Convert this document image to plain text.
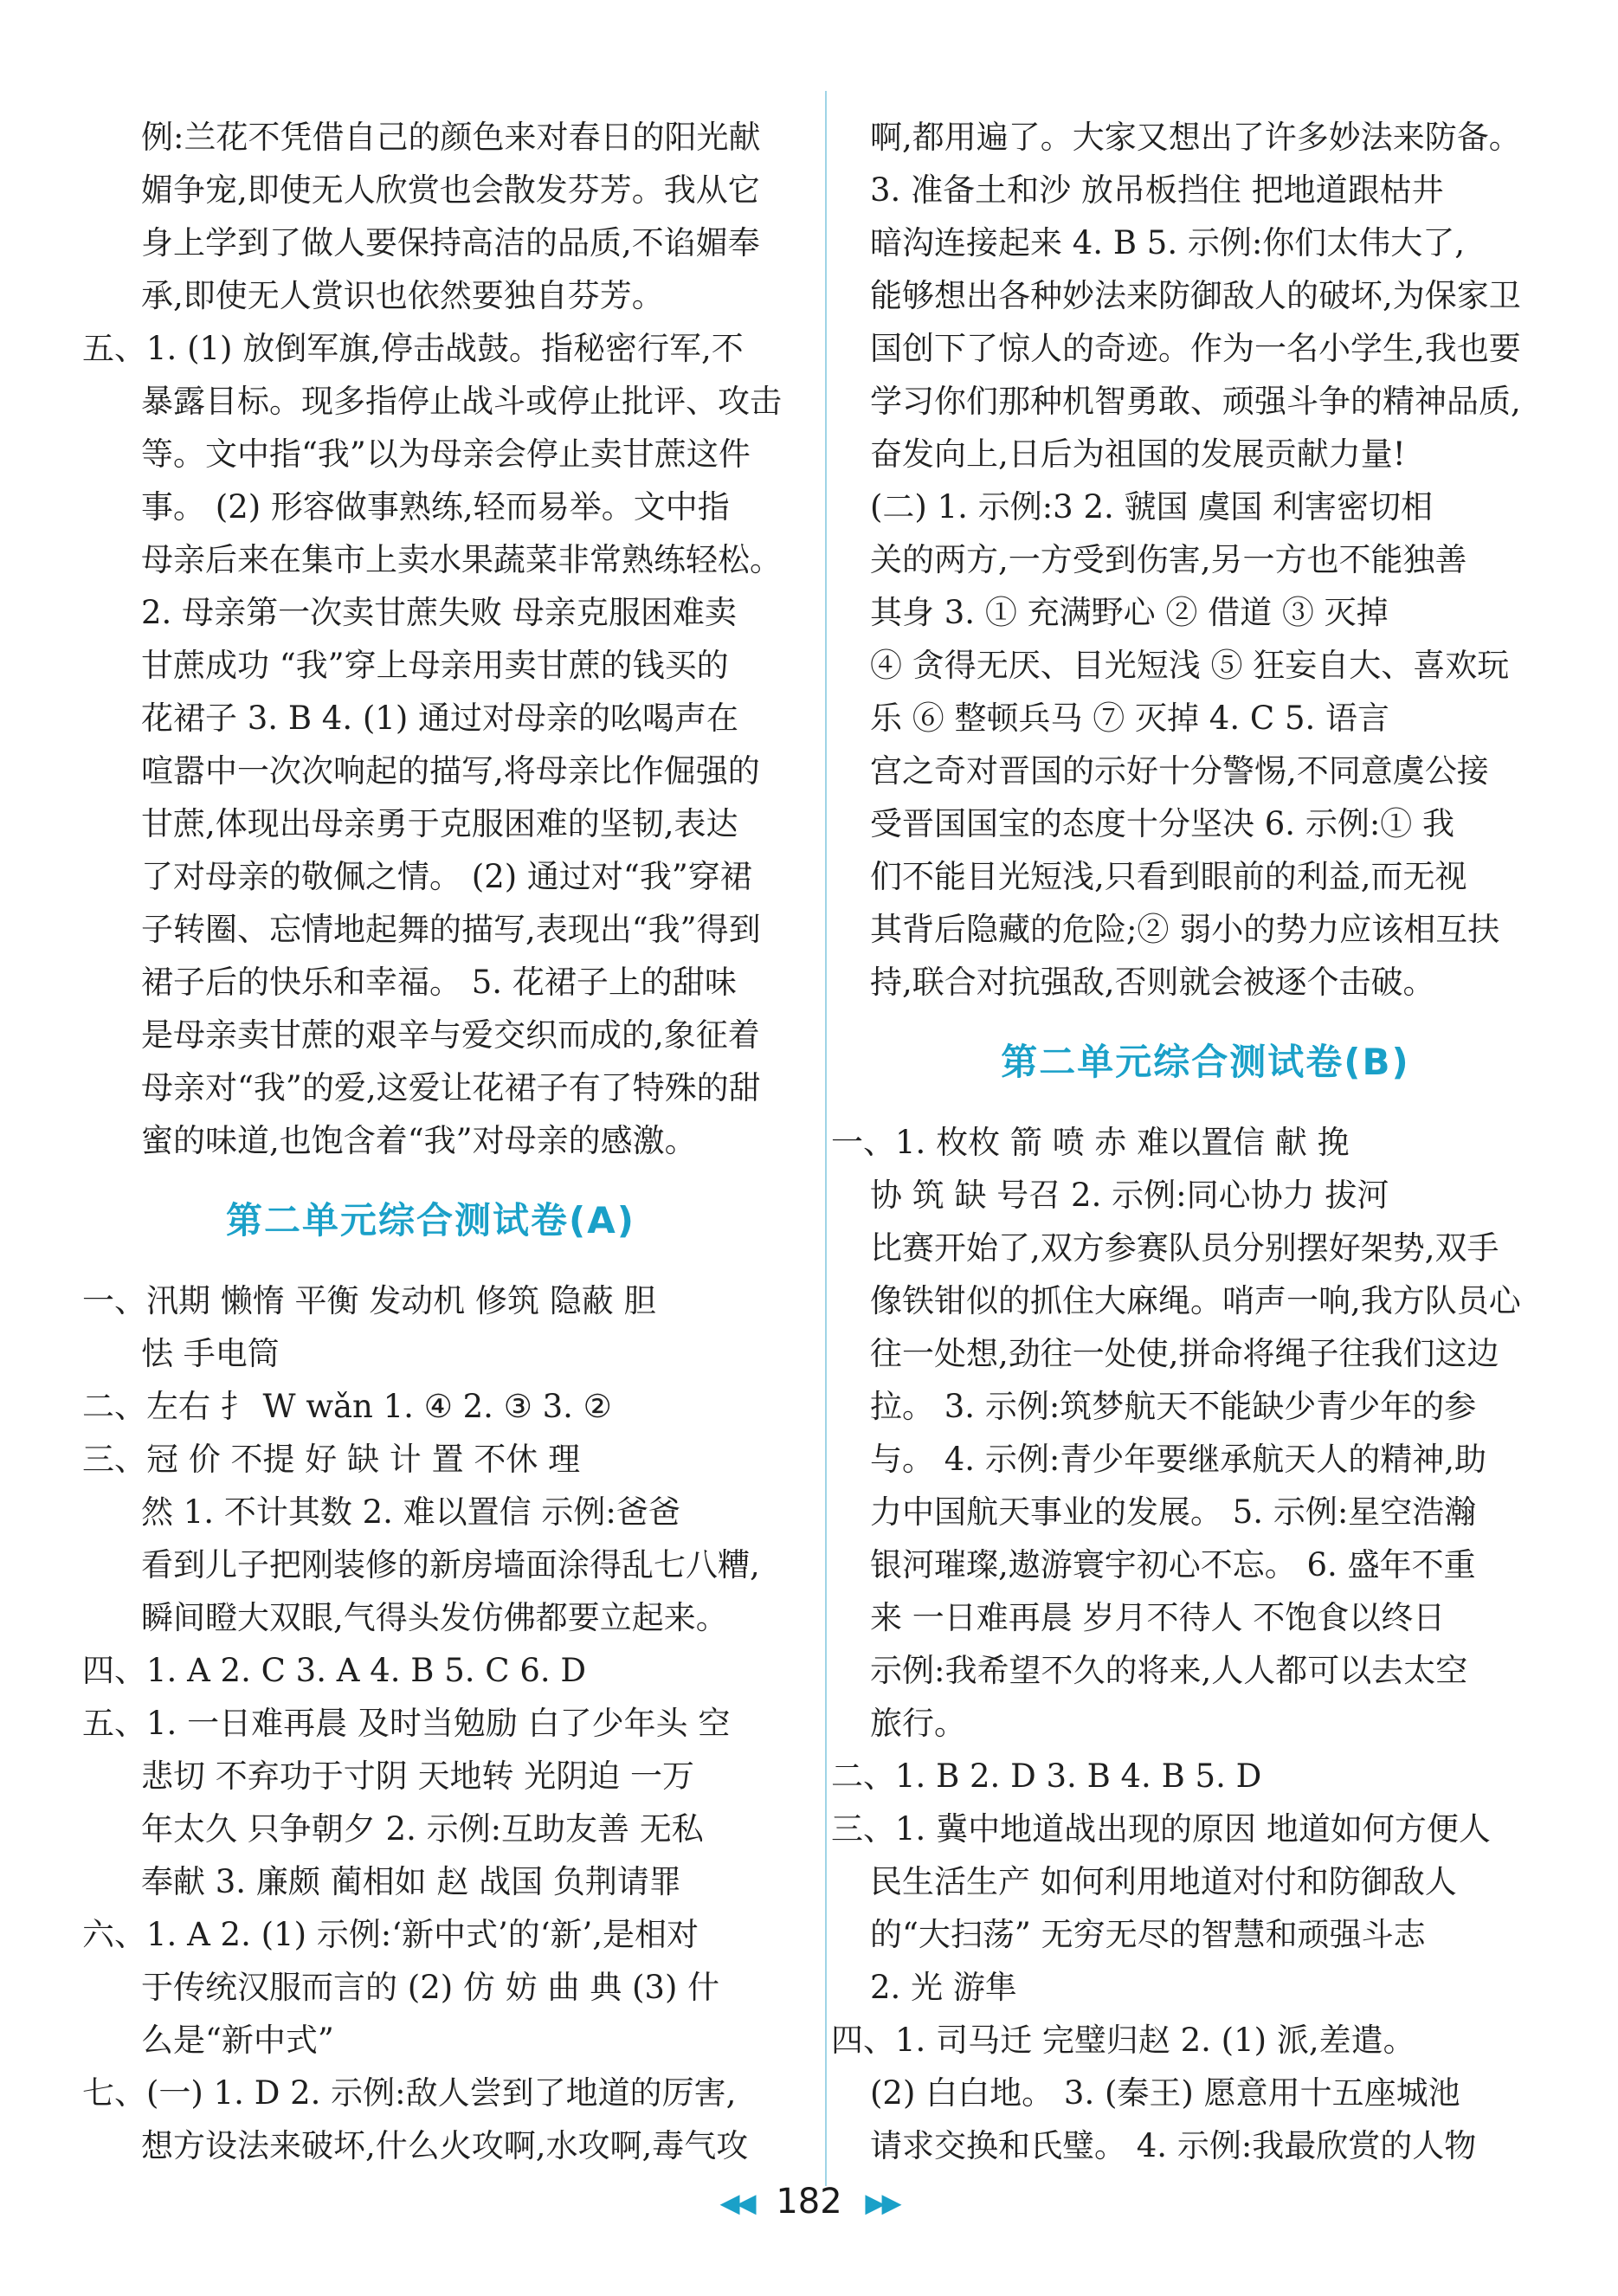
例:兰花不凭借自己的颜色来对春日的阳光献
媚争宠,即使无人欣赏也会散发芬芳。我从它
身上学到了做人要保持高洁的品质,不谄媚奉
承,即使无人赏识也依然要独自芬芳。
五、1. (1) 放倒军旗,停击战鼓。指秘密行军,不
暴露目标。现多指停止战斗或停止批评、攻击
等。文中指“我”以为母亲会停止卖甘蔗这件
事。 (2) 形容做事熟练,轻而易举。文中指
母亲后来在集市上卖水果蔬菜非常熟练轻松。
2. 母亲第一次卖甘蔗失败 母亲克服困难卖
甘蔗成功 “我”穿上母亲用卖甘蔗的钱买的
花裙子 3. B 4. (1) 通过对母亲的吆喝声在
喧嚣中一次次响起的描写,将母亲比作倔强的
甘蔗,体现出母亲勇于克服困难的坚韧,表达
了对母亲的敬佩之情。 (2) 通过对“我”穿裙
子转圈、忘情地起舞的描写,表现出“我”得到
裙子后的快乐和幸福。 5. 花裙子上的甜味
是母亲卖甘蔗的艰辛与爱交织而成的,象征着
母亲对“我”的爱,这爱让花裙子有了特殊的甜
蜜的味道,也饱含着“我”对母亲的感激。
第二单元综合测试卷(A)
一、汛期 懒惰 平衡 发动机 修筑 隐蔽 胆
怯 手电筒
二、左右 扌 W wǎn 1. ④ 2. ③ 3. ②
三、冠 价 不提 好 缺 计 置 不休 理
然 1. 不计其数 2. 难以置信 示例:爸爸
看到儿子把刚装修的新房墙面涂得乱七八糟,
瞬间瞪大双眼,气得头发仿佛都要立起来。
四、1. A 2. C 3. A 4. B 5. C 6. D
五、1. 一日难再晨 及时当勉励 白了少年头 空
悲切 不弃功于寸阴 天地转 光阴迫 一万
年太久 只争朝夕 2. 示例:互助友善 无私
奉献 3. 廉颇 蔺相如 赵 战国 负荆请罪
六、1. A 2. (1) 示例:‘新中式’的‘新’,是相对
于传统汉服而言的 (2) 仿 妨 曲 典 (3) 什
么是“新中式”
七、(一) 1. D 2. 示例:敌人尝到了地道的厉害,
想方设法来破坏,什么火攻啊,水攻啊,毒气攻
啊,都用遍了。大家又想出了许多妙法来防备。
3. 准备土和沙 放吊板挡住 把地道跟枯井
暗沟连接起来 4. B 5. 示例:你们太伟大了,
能够想出各种妙法来防御敌人的破坏,为保家卫
国创下了惊人的奇迹。作为一名小学生,我也要
学习你们那种机智勇敢、顽强斗争的精神品质,
奋发向上,日后为祖国的发展贡献力量!
(二) 1. 示例:3 2. 虢国 虞国 利害密切相
关的两方,一方受到伤害,另一方也不能独善
其身 3. ① 充满野心 ② 借道 ③ 灭掉
④ 贪得无厌、目光短浅 ⑤ 狂妄自大、喜欢玩
乐 ⑥ 整顿兵马 ⑦ 灭掉 4. C 5. 语言
宫之奇对晋国的示好十分警惕,不同意虞公接
受晋国国宝的态度十分坚决 6. 示例:① 我
们不能目光短浅,只看到眼前的利益,而无视
其背后隐藏的危险;② 弱小的势力应该相互扶
持,联合对抗强敌,否则就会被逐个击破。
第二单元综合测试卷(B)
一、1. 枚枚 箭 喷 赤 难以置信 献 挽
协 筑 缺 号召 2. 示例:同心协力 拔河
比赛开始了,双方参赛队员分别摆好架势,双手
像铁钳似的抓住大麻绳。哨声一响,我方队员心
往一处想,劲往一处使,拼命将绳子往我们这边
拉。 3. 示例:筑梦航天不能缺少青少年的参
与。 4. 示例:青少年要继承航天人的精神,助
力中国航天事业的发展。 5. 示例:星空浩瀚
银河璀璨,遨游寰宇初心不忘。 6. 盛年不重
来 一日难再晨 岁月不待人 不饱食以终日
示例:我希望不久的将来,人人都可以去太空
旅行。
二、1. B 2. D 3. B 4. B 5. D
三、1. 冀中地道战出现的原因 地道如何方便人
民生活生产 如何利用地道对付和防御敌人
的“大扫荡” 无穷无尽的智慧和顽强斗志
2. 光 游隼
四、1. 司马迁 完璧归赵 2. (1) 派,差遣。
(2) 白白地。 3. (秦王) 愿意用十五座城池
请求交换和氏璧。 4. 示例:我最欣赏的人物
◀◀ 182 ▶▶
